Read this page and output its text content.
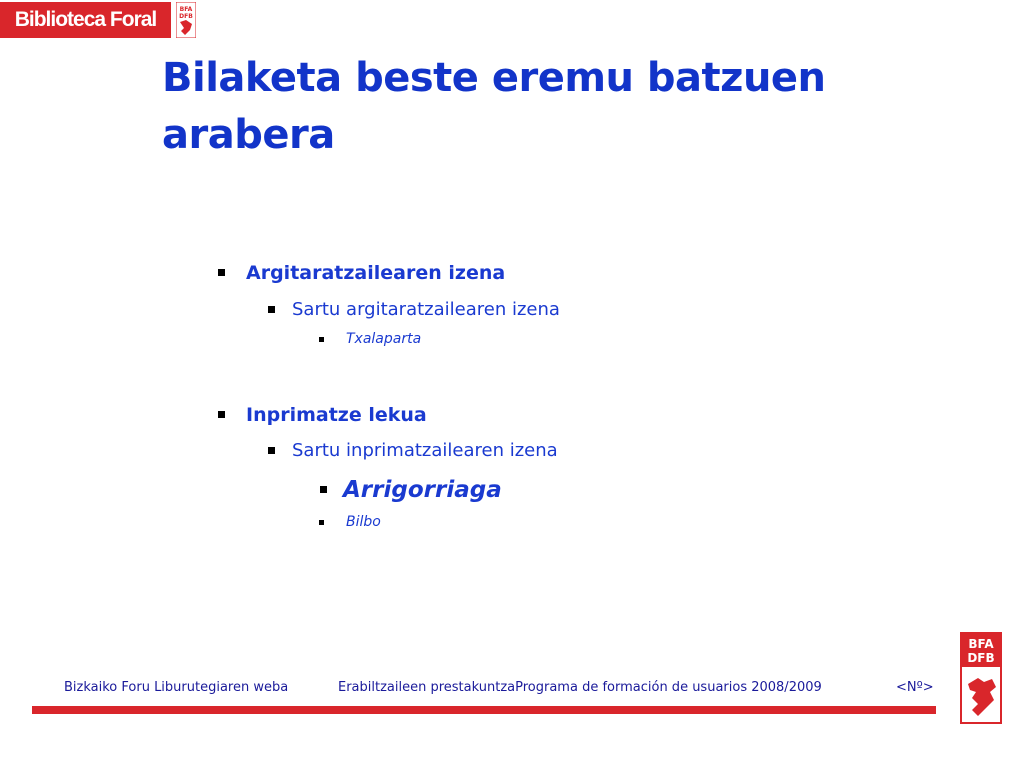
Biblioteca Foral	BFA
DFB
Bilaketa beste eremu batzuen arabera
Argitaratzailearen izena
Sartu argitaratzailearen izena
Txalaparta
Inprimatze lekua
Sartu inprimatzailearen izena
Arrigorriaga
Bilbo
Bizkaiko Foru Liburutegiaren weba	Erabiltzaileen prestakuntzaPrograma de formación de usuarios 2008/2009	<Nº>
BFA
DFB
